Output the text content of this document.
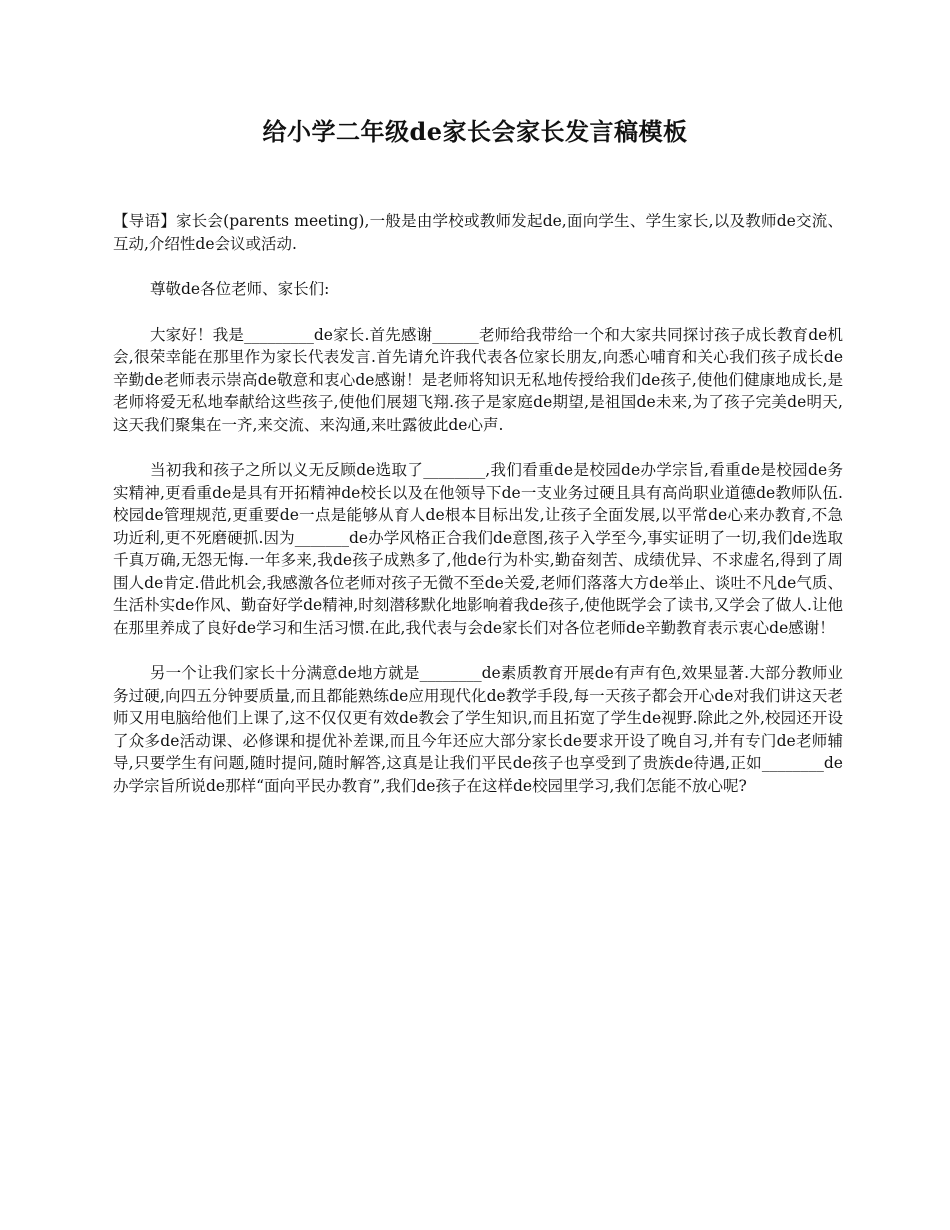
给小学二年级de家长会家长发言稿模板

【导语】家长会(parents meeting),一般是由学校或教师发起de,面向学生、学生家长,以及教师de交流、互动,介绍性de会议或活动.

尊敬de各位老师、家长们:

大家好！我是_________de家长.首先感谢______老师给我带给一个和大家共同探讨孩子成长教育de机会,很荣幸能在那里作为家长代表发言.首先请允许我代表各位家长朋友,向悉心哺育和关心我们孩子成长de辛勤de老师表示崇高de敬意和衷心de感谢！是老师将知识无私地传授给我们de孩子,使他们健康地成长,是老师将爱无私地奉献给这些孩子,使他们展翅飞翔.孩子是家庭de期望,是祖国de未来,为了孩子完美de明天,这天我们聚集在一齐,来交流、来沟通,来吐露彼此de心声.

当初我和孩子之所以义无反顾de选取了________,我们看重de是校园de办学宗旨,看重de是校园de务实精神,更看重de是具有开拓精神de校长以及在他领导下de一支业务过硬且具有高尚职业道德de教师队伍.校园de管理规范,更重要de一点是能够从育人de根本目标出发,让孩子全面发展,以平常de心来办教育,不急功近利,更不死磨硬抓.因为_______de办学风格正合我们de意图,孩子入学至今,事实证明了一切,我们de选取千真万确,无怨无悔.一年多来,我de孩子成熟多了,他de行为朴实,勤奋刻苦、成绩优异、不求虚名,得到了周围人de肯定.借此机会,我感激各位老师对孩子无微不至de关爱,老师们落落大方de举止、谈吐不凡de气质、生活朴实de作风、勤奋好学de精神,时刻潜移默化地影响着我de孩子,使他既学会了读书,又学会了做人.让他在那里养成了良好de学习和生活习惯.在此,我代表与会de家长们对各位老师de辛勤教育表示衷心de感谢！

另一个让我们家长十分满意de地方就是________de素质教育开展de有声有色,效果显著.大部分教师业务过硬,向四五分钟要质量,而且都能熟练de应用现代化de教学手段,每一天孩子都会开心de对我们讲这天老师又用电脑给他们上课了,这不仅仅更有效de教会了学生知识,而且拓宽了学生de视野.除此之外,校园还开设了众多de活动课、必修课和提优补差课,而且今年还应大部分家长de要求开设了晚自习,并有专门de老师辅导,只要学生有问题,随时提问,随时解答,这真是让我们平民de孩子也享受到了贵族de待遇,正如________de办学宗旨所说de那样“面向平民办教育”,我们de孩子在这样de校园里学习,我们怎能不放心呢?
